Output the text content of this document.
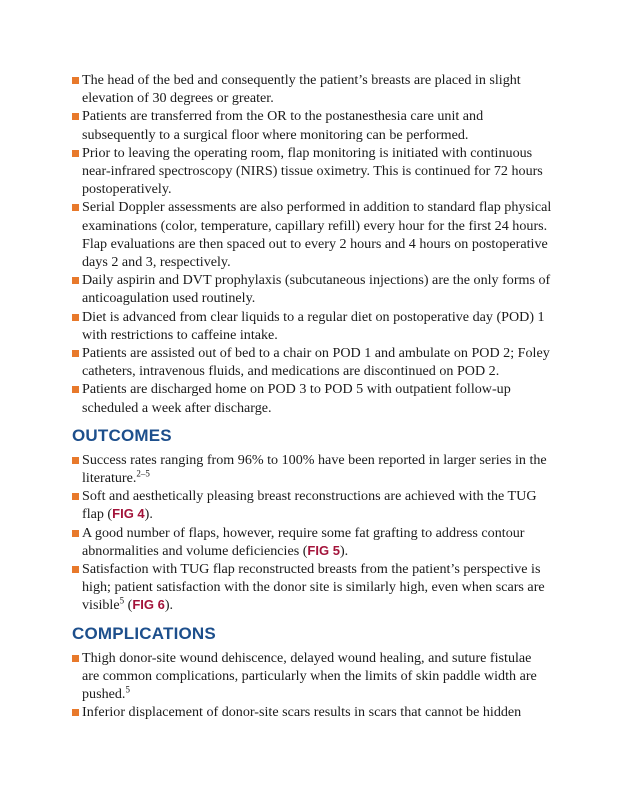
The head of the bed and consequently the patient’s breasts are placed in slight elevation of 30 degrees or greater.
Patients are transferred from the OR to the postanesthesia care unit and subsequently to a surgical floor where monitoring can be performed.
Prior to leaving the operating room, flap monitoring is initiated with continuous near-infrared spectroscopy (NIRS) tissue oximetry. This is continued for 72 hours postoperatively.
Serial Doppler assessments are also performed in addition to standard flap physical examinations (color, temperature, capillary refill) every hour for the first 24 hours. Flap evaluations are then spaced out to every 2 hours and 4 hours on postoperative days 2 and 3, respectively.
Daily aspirin and DVT prophylaxis (subcutaneous injections) are the only forms of anticoagulation used routinely.
Diet is advanced from clear liquids to a regular diet on postoperative day (POD) 1 with restrictions to caffeine intake.
Patients are assisted out of bed to a chair on POD 1 and ambulate on POD 2; Foley catheters, intravenous fluids, and medications are discontinued on POD 2.
Patients are discharged home on POD 3 to POD 5 with outpatient follow-up scheduled a week after discharge.
OUTCOMES
Success rates ranging from 96% to 100% have been reported in larger series in the literature.$^{2-5}$
Soft and aesthetically pleasing breast reconstructions are achieved with the TUG flap (FIG 4).
A good number of flaps, however, require some fat grafting to address contour abnormalities and volume deficiencies (FIG 5).
Satisfaction with TUG flap reconstructed breasts from the patient’s perspective is high; patient satisfaction with the donor site is similarly high, even when scars are visible$^5$ (FIG 6).
COMPLICATIONS
Thigh donor-site wound dehiscence, delayed wound healing, and suture fistulae are common complications, particularly when the limits of skin paddle width are pushed.$^5$
Inferior displacement of donor-site scars results in scars that cannot be hidden
